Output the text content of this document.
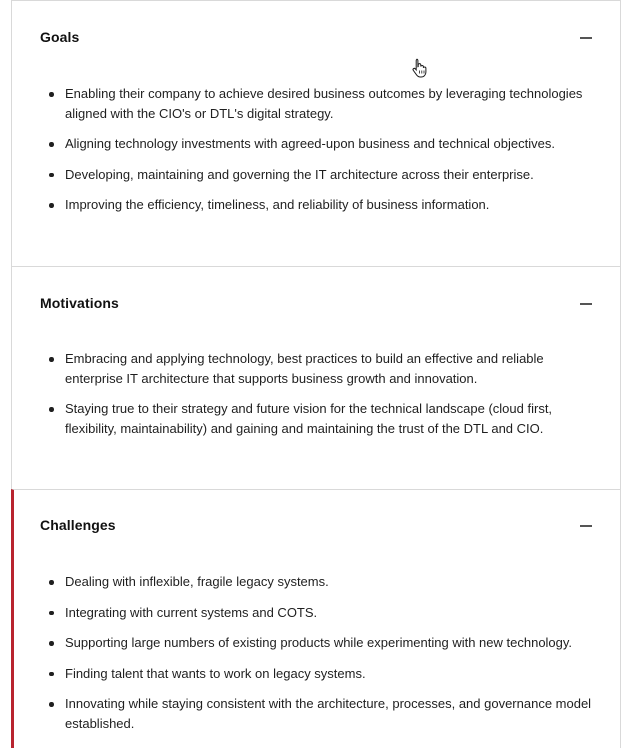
Goals
Enabling their company to achieve desired business outcomes by leveraging technologies aligned with the CIO's or DTL's digital strategy.
Aligning technology investments with agreed-upon business and technical objectives.
Developing, maintaining and governing the IT architecture across their enterprise.
Improving the efficiency, timeliness, and reliability of business information.
Motivations
Embracing and applying technology, best practices to build an effective and reliable enterprise IT architecture that supports business growth and innovation.
Staying true to their strategy and future vision for the technical landscape (cloud first, flexibility, maintainability) and gaining and maintaining the trust of the DTL and CIO.
Challenges
Dealing with inflexible, fragile legacy systems.
Integrating with current systems and COTS.
Supporting large numbers of existing products while experimenting with new technology.
Finding talent that wants to work on legacy systems.
Innovating while staying consistent with the architecture, processes, and governance model established.
